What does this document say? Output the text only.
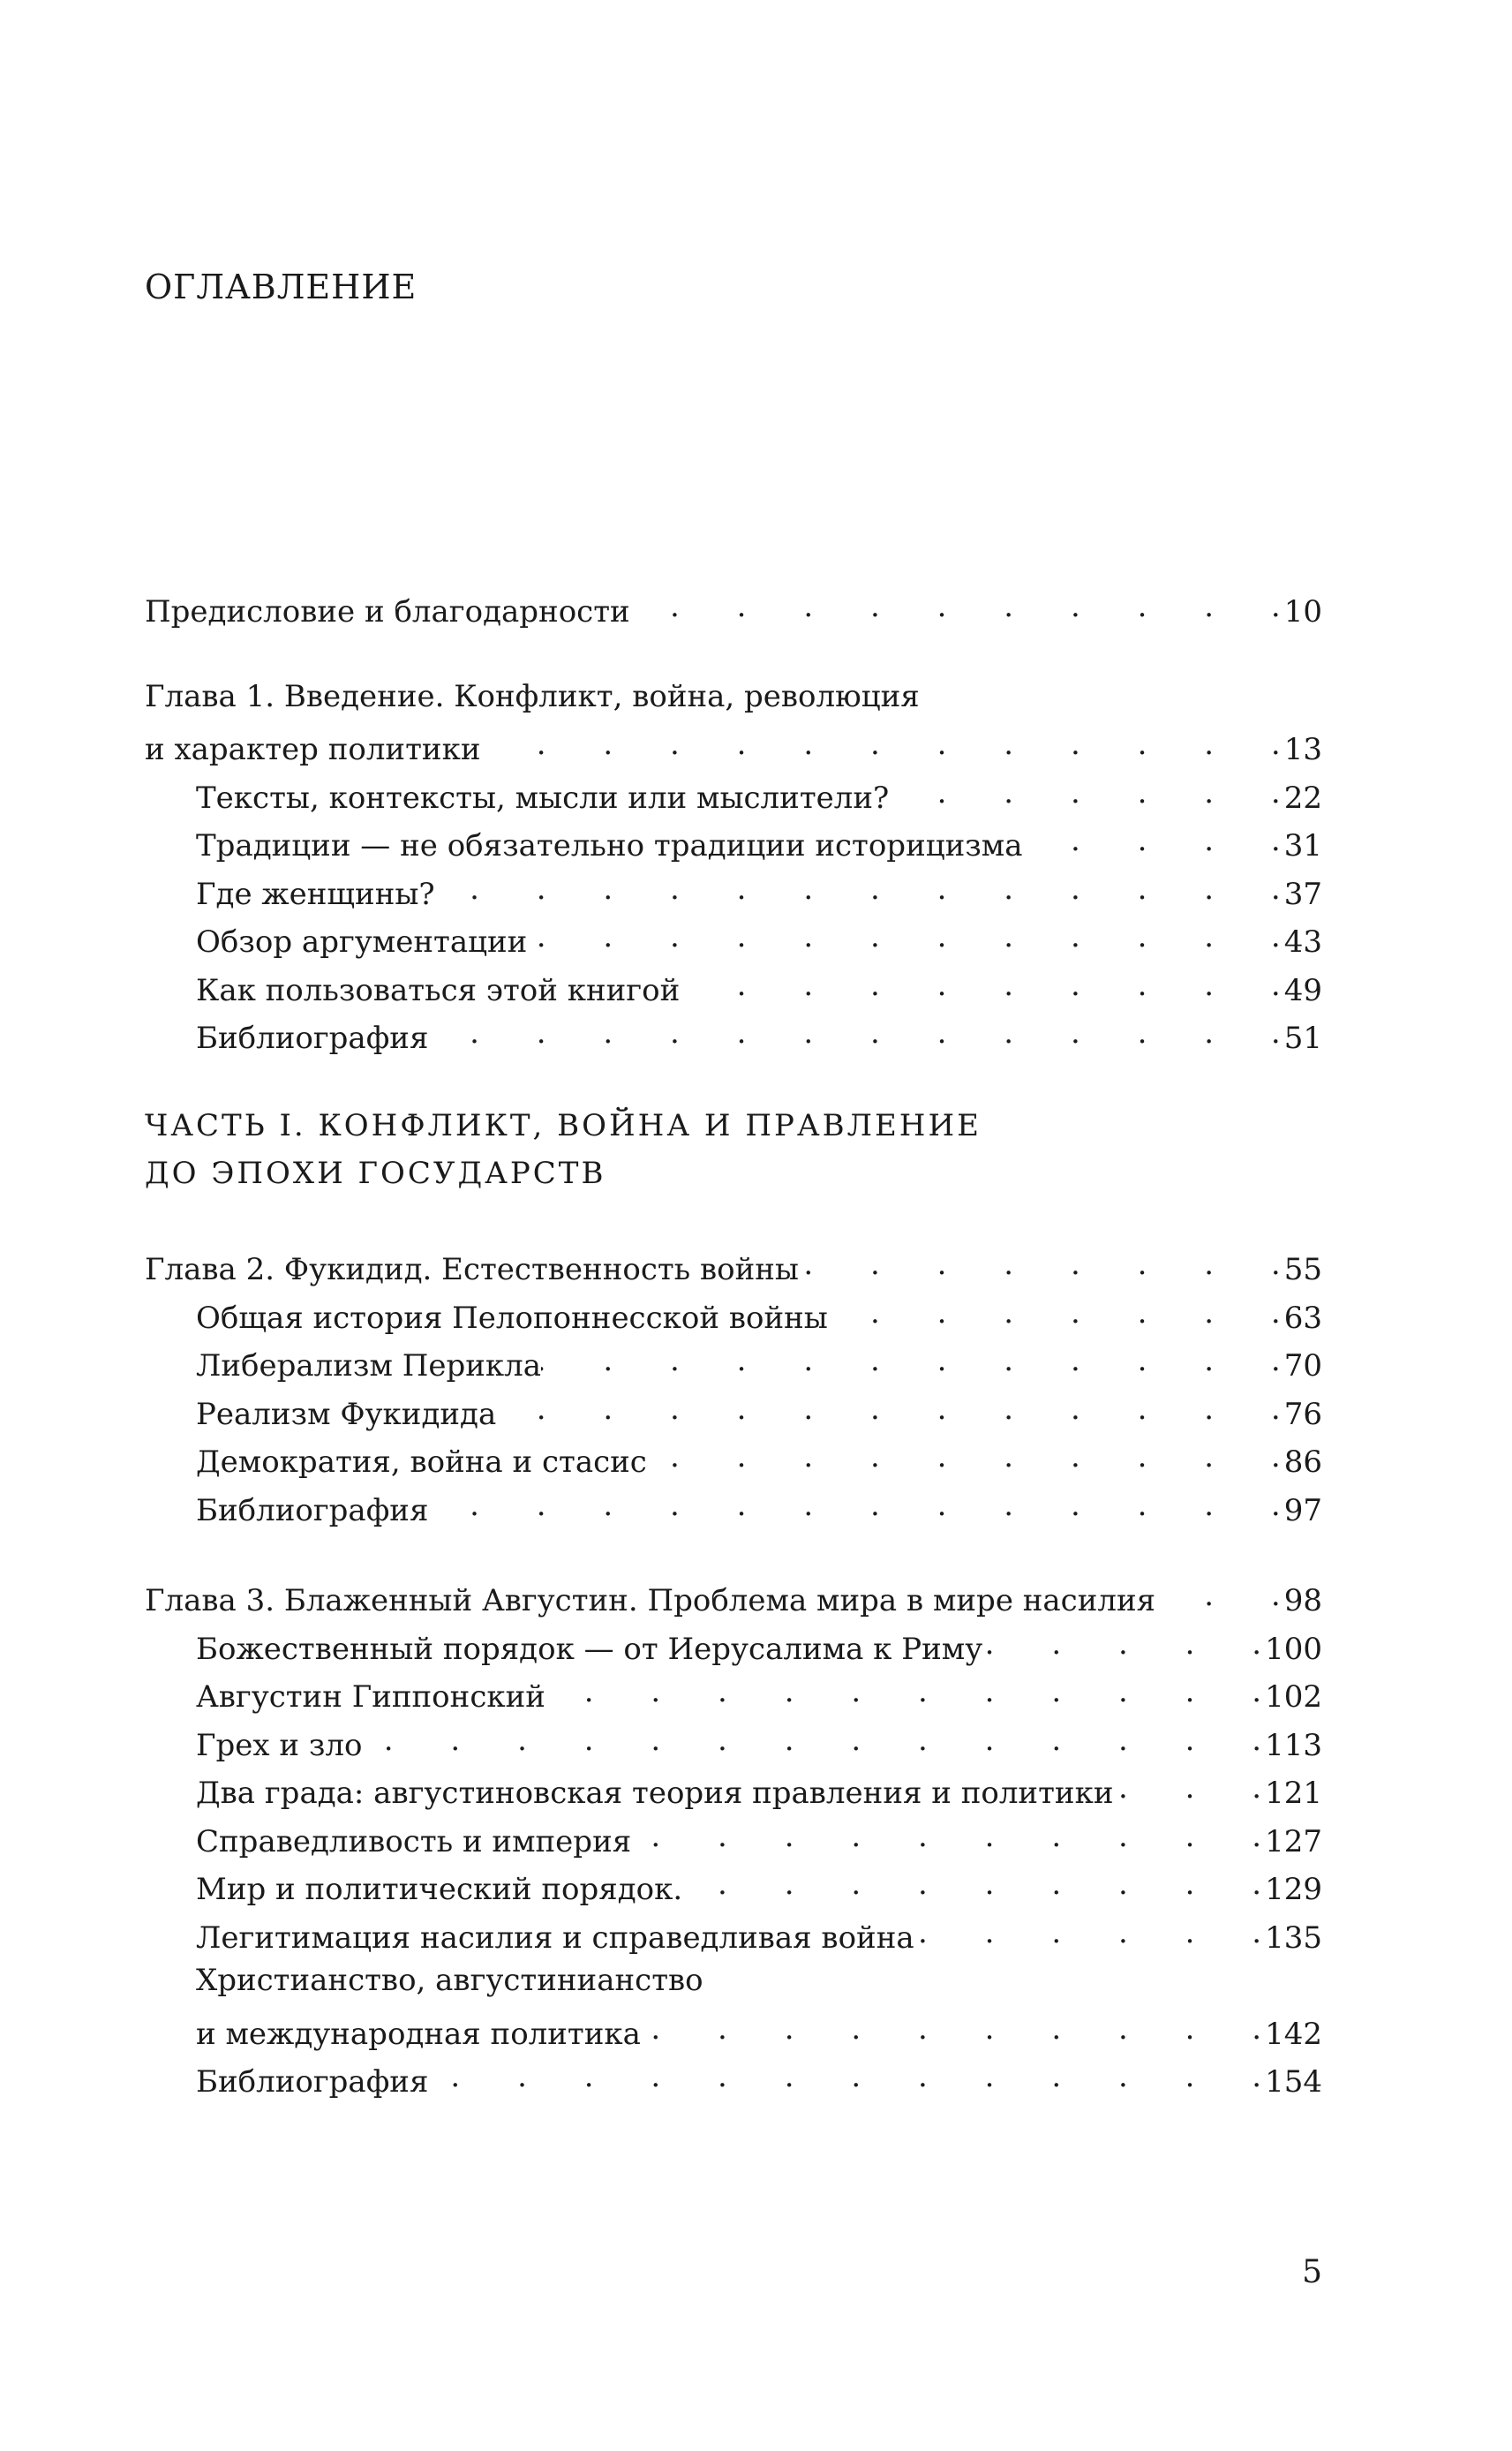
ОГЛАВЛЕНИЕ
Предисловие и благодарности .	10
Глава 1. Введение. Конфликт, война, революция
и характер политики .	13
Тексты, контексты, мысли или мыслители? .	22
Традиции — не обязательно традиции историцизма .	31
Где женщины? .	37
Обзор аргументации .	43
Как пользоваться этой книгой .	49
Библиография .	51
ЧАСТЬ I. КОНФЛИКТ, ВОЙНА И ПРАВЛЕНИЕ
ДО ЭПОХИ ГОСУДАРСТВ
Глава 2. Фукидид. Естественность войны .	55
Общая история Пелопоннесской войны .	63
Либерализм Перикла .	70
Реализм Фукидида .	76
Демократия, война и стасис .	86
Библиография .	97
Глава 3. Блаженный Августин. Проблема мира в мире насилия .	98
Божественный порядок — от Иерусалима к Риму .	100
Августин Гиппонский .	102
Грех и зло .	113
Два града: августиновская теория правления и политики .	121
Справедливость и империя .	127
Мир и политический порядок. .	129
Легитимация насилия и справедливая война .	135
Христианство, августинианство
и международная политика .	142
Библиография .	154
5
